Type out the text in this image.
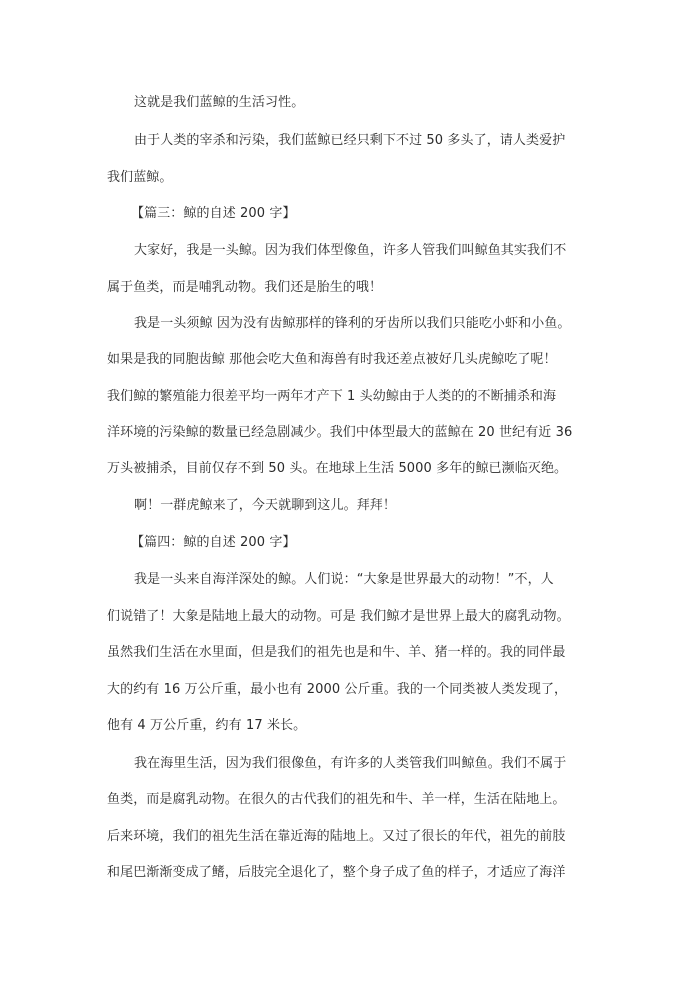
这就是我们蓝鲸的生活习性。
由于人类的宰杀和污染，我们蓝鲸已经只剩下不过 50 多头了，请人类爱护
我们蓝鲸。
【篇三：鲸的自述 200 字】
大家好，我是一头鲸。因为我们体型像鱼，许多人管我们叫鲸鱼其实我们不
属于鱼类，而是哺乳动物。我们还是胎生的哦！
我是一头须鲸 因为没有齿鲸那样的锋利的牙齿所以我们只能吃小虾和小鱼。
如果是我的同胞齿鲸 那他会吃大鱼和海兽有时我还差点被好几头虎鲸吃了呢！
我们鲸的繁殖能力很差平均一两年才产下 1 头幼鲸由于人类的的不断捕杀和海
洋环境的污染鲸的数量已经急剧减少。我们中体型最大的蓝鲸在 20 世纪有近 36
万头被捕杀，目前仅存不到 50 头。在地球上生活 5000 多年的鲸已濒临灭绝。
啊！一群虎鲸来了，今天就聊到这儿。拜拜！
【篇四：鲸的自述 200 字】
我是一头来自海洋深处的鲸。人们说：“大象是世界最大的动物！”不，人
们说错了！大象是陆地上最大的动物。可是 我们鲸才是世界上最大的腐乳动物。
虽然我们生活在水里面，但是我们的祖先也是和牛、羊、猪一样的。我的同伴最
大的约有 16 万公斤重，最小也有 2000 公斤重。我的一个同类被人类发现了，
他有 4 万公斤重，约有 17 米长。
我在海里生活，因为我们很像鱼，有许多的人类管我们叫鲸鱼。我们不属于
鱼类，而是腐乳动物。在很久的古代我们的祖先和牛、羊一样，生活在陆地上。
后来环境，我们的祖先生活在靠近海的陆地上。又过了很长的年代，祖先的前肢
和尾巴渐渐变成了鳍，后肢完全退化了，整个身子成了鱼的样子，才适应了海洋
